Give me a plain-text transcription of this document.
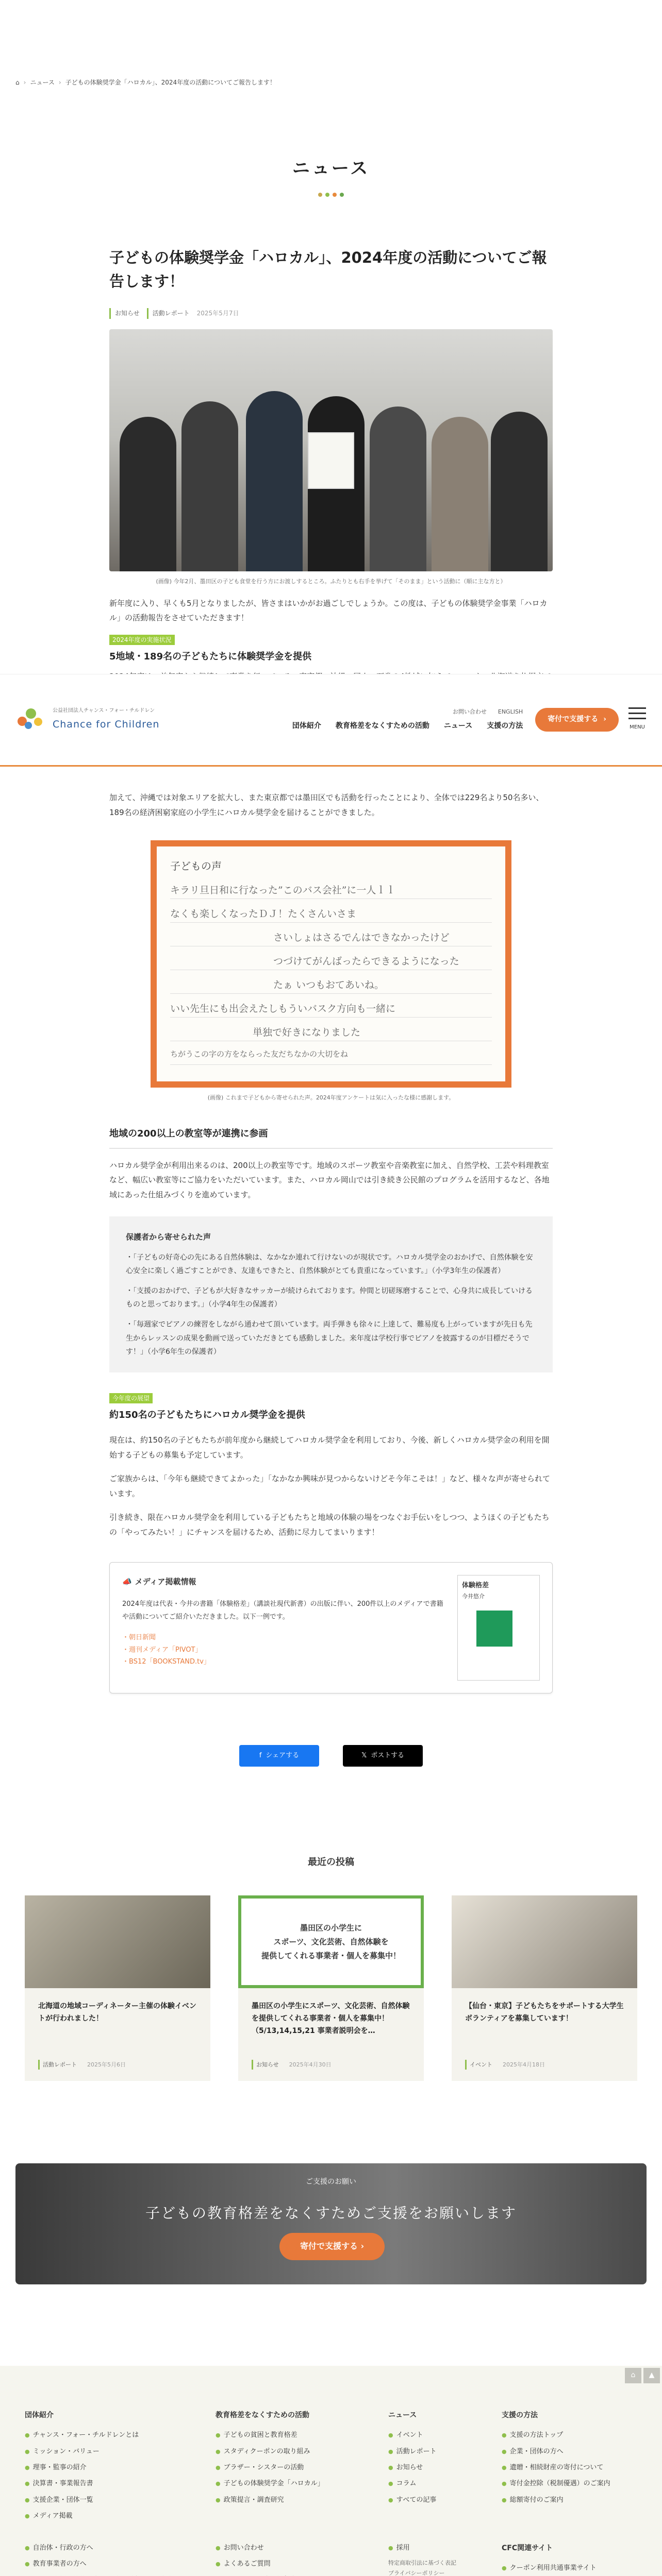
⌂ › ニュース › 子どもの体験奨学金「ハロカル」、2024年度の活動についてご報告します！
ニュース
子どもの体験奨学金「ハロカル」、2024年度の活動についてご報告します！
お知らせ	活動レポート 2025年5月7日

(画像) 今年2月、墨田区の子ども食堂を行う方にお渡しするところ。ふたりとも右手を挙げて「そのまま」という活動に（順に主な方と）

新年度に入り、早くも5月となりましたが、皆さまはいかがお過ごしでしょうか。この度は、子どもの体験奨学金事業「ハロカル」の活動報告をさせていただきます！

2024年度の実施状況
5地域・189名の子どもたちに体験奨学金を提供

加えて、沖縄では対象エリアを拡大し、また東京都では墨田区でも活動を行ったことにより、全体では229名より50名多い、189名の経済困窮家庭の小学生にハロカル奨学金を届けることができました。

子どもの声
キラリ旦日和に行なった”このバス会社”に一人ｌｌ
なくも楽しくなったＤＪ！たくさんいさま
さいしょはさるでんはできなかったけど
つづけてがんばったらできるようになった
たぁ いつもおてあいね。
いい先生にも出会えたしもういバスク方向も一緒に
単独で好きになりました
ちがうこの字の方をならった友だちなかの大切をね

(画像) これまで子どもから寄せられた声。2024年度アンケートは気に入ったな様に感謝します。

地域の200以上の教室等が連携に参画

ハロカル奨学金が利用出来るのは、200以上の教室等です。地域のスポーツ教室や音楽教室に加え、自然学校、工芸や料理教室など、幅広い教室等にご協力をいただいています。また、ハロカル岡山では引き続き公民館のプログラムを活用するなど、各地域にあった仕組みづくりを進めています。

保護者から寄せられた声

・「子どもの好奇心の先にある自然体験は、なかなか連れて行けないのが現状です。ハロカル奨学金のおかげで、自然体験を安心安全に楽しく過ごすことができ、友達もできたと、自然体験がとても貴重になっています。」（小学3年生の保護者）

・「支援のおかげで、子どもが大好きなサッカーが続けられております。仲間と切磋琢磨することで、心身共に成長していけるものと思っております。」（小学4年生の保護者）

・「毎週家でピアノの練習をしながら通わせて頂いています。両手弾きも徐々に上達して、難易度も上がっていますが先日も先生からレッスンの成果を動画で送っていただきとても感動しました。来年度は学校行事でピアノを披露するのが目標だそうです！」（小学6年生の保護者）

今年度の展望
約150名の子どもたちにハロカル奨学金を提供

現在は、約150名の子どもたちが前年度から継続してハロカル奨学金を利用しており、今後、新しくハロカル奨学金の利用を開始する子どもの募集も予定しています。

ご家族からは、「今年も継続できてよかった」「なかなか興味が見つからないけどそ今年こそは！」など、様々な声が寄せられています。

引き続き、限在ハロカル奨学金を利用している子どもたちと地域の体験の場をつなぐお手伝いをしつつ、ようほくの子どもたちの「やってみたい！」にチャンスを届けるため、活動に尽力してまいります！

📣 メディア掲載情報

2024年度は代表・今井の書籍「体験格差」（講談社現代新書）の出版に伴い、200件以上のメディアで書籍や活動についてご紹介いただきました。以下一例です。

・ 朝日新聞
・ 週刊メディア「PIVOT」
・ BS12「BOOKSTAND.tv」
体験格差
今井悠介
f シェアする	𝕏 ポストする
最近の投稿
北海道の地域コーディネーター主催の体験イベントが行われました！
活動レポート 2025年5月6日
墨田区の小学生に
スポーツ、文化芸術、自然体験を
提供してくれる事業者・個人を募集中！
墨田区の小学生にスポーツ、文化芸術、自然体験を提供してくれる事業者・個人を募集中！（5/13,14,15,21 事業者説明会を…
お知らせ 2025年4月30日
【仙台・東京】子どもたちをサポートする大学生ボランティアを募集しています！
イベント 2025年4月18日
ご支援のお願い
子どもの教育格差をなくすためご支援をお願いします
寄付で支援する ›
公益社団法人チャンス・フォー・チルドレン
Chance for Children
お問い合わせ ENGLISH
団体紹介 教育格差をなくすための活動 ニュース 支援の方法
寄付で支援する ›
MENU
⌂	▲
団体紹介
● チャンス・フォー・チルドレンとは
● ミッション・バリュー
● 理事・監事の紹介
● 決算書・事業報告書
● 支援企業・団体一覧
● メディア掲載
教育格差をなくすための活動
● 子どもの貧困と教育格差
● スタディクーポンの取り組み
● ブラザー・シスターの活動
● 子どもの体験奨学金「ハロカル」
● 政策提言・調査研究
ニュース
● イベント
● 活動レポート
● お知らせ
● コラム
● すべての記事
支援の方法
● 支援の方法トップ
● 企業・団体の方へ
● 遺贈・相続財産の寄付について
● 寄付金控除（税制優遇）のご案内
● 総額寄付のご案内
● 自治体・行政の方へ
● 教育事業者の方へ
●
● お問い合わせ
● よくあるご質問
●
● 採用
特定商取引法に基づく表記
プライバシーポリシー
CFC関連サイト
● クーポン利用共通事業サイト
